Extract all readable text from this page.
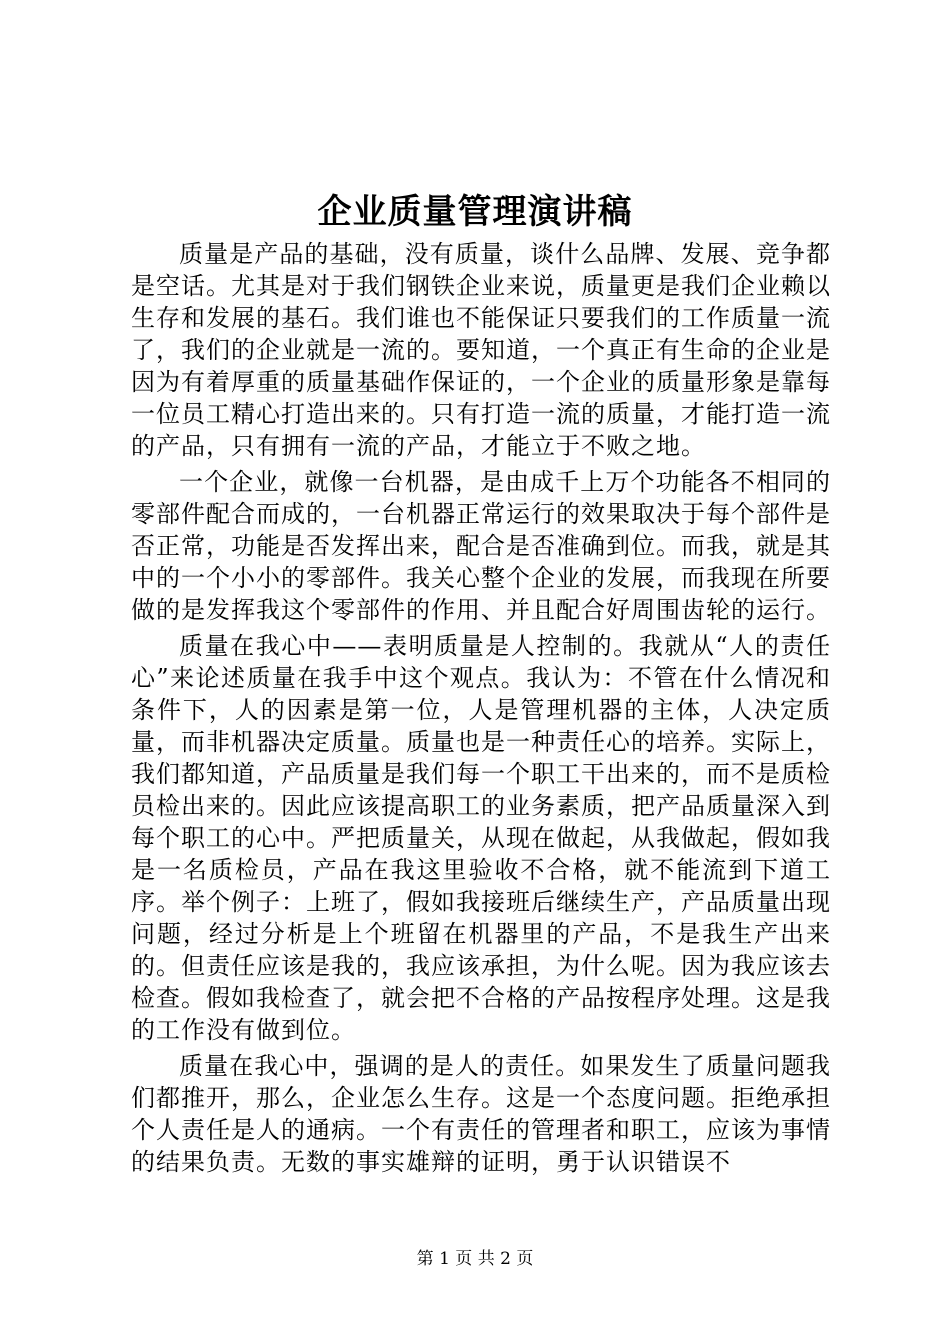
企业质量管理演讲稿

质量是产品的基础，没有质量，谈什么品牌、发展、竞争都是空话。尤其是对于我们钢铁企业来说，质量更是我们企业赖以生存和发展的基石。我们谁也不能保证只要我们的工作质量一流了，我们的企业就是一流的。要知道，一个真正有生命的企业是因为有着厚重的质量基础作保证的，一个企业的质量形象是靠每一位员工精心打造出来的。只有打造一流的质量，才能打造一流的产品，只有拥有一流的产品，才能立于不败之地。

一个企业，就像一台机器，是由成千上万个功能各不相同的零部件配合而成的，一台机器正常运行的效果取决于每个部件是否正常，功能是否发挥出来，配合是否准确到位。而我，就是其中的一个小小的零部件。我关心整个企业的发展，而我现在所要做的是发挥我这个零部件的作用、并且配合好周围齿轮的运行。

质量在我心中——表明质量是人控制的。我就从“人的责任心”来论述质量在我手中这个观点。我认为：不管在什么情况和条件下，人的因素是第一位，人是管理机器的主体，人决定质量，而非机器决定质量。质量也是一种责任心的培养。实际上，我们都知道，产品质量是我们每一个职工干出来的，而不是质检员检出来的。因此应该提高职工的业务素质，把产品质量深入到每个职工的心中。严把质量关，从现在做起，从我做起，假如我是一名质检员，产品在我这里验收不合格，就不能流到下道工序。举个例子：上班了，假如我接班后继续生产，产品质量出现问题，经过分析是上个班留在机器里的产品，不是我生产出来的。但责任应该是我的，我应该承担，为什么呢。因为我应该去检查。假如我检查了，就会把不合格的产品按程序处理。这是我的工作没有做到位。

质量在我心中，强调的是人的责任。如果发生了质量问题我们都推开，那么，企业怎么生存。这是一个态度问题。拒绝承担个人责任是人的通病。一个有责任的管理者和职工，应该为事情的结果负责。无数的事实雄辩的证明，勇于认识错误不

第 1 页 共 2 页
